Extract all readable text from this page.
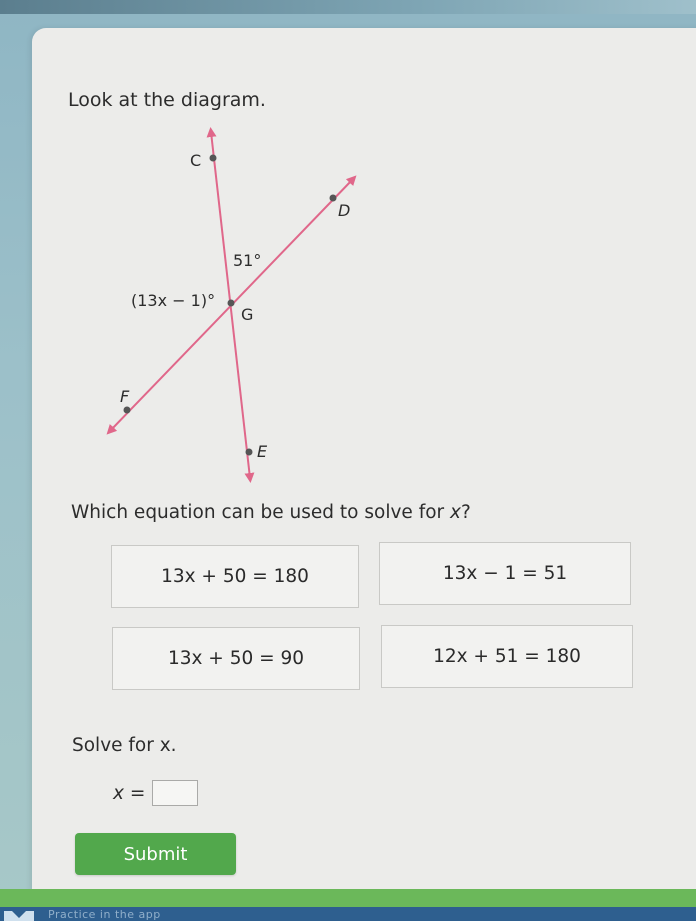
Look at the diagram.
C
D
G
F
E
51°
(13x − 1)°
Which equation can be used to solve for x?
13x + 50 = 180	13x − 1 = 51
13x + 50 = 90	12x + 51 = 180
Solve for x.
x =
Submit
Practice in the app
